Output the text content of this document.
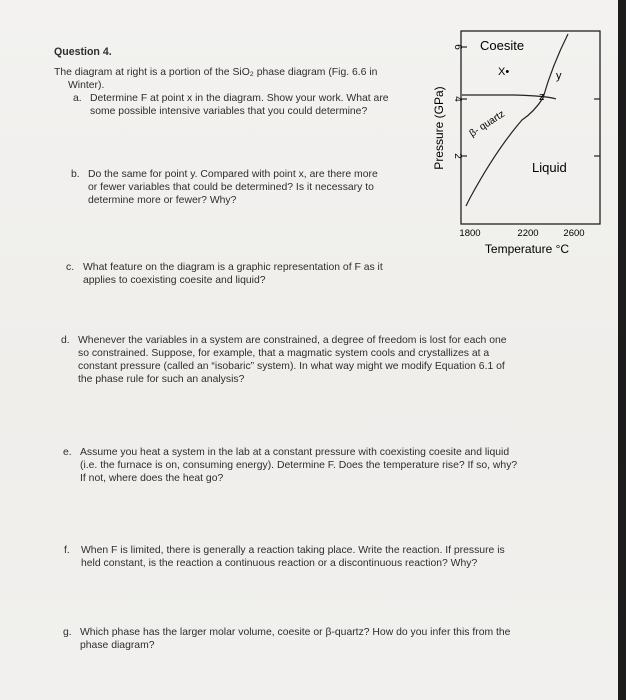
Question 4.
The diagram at right is a portion of the SiO₂ phase diagram (Fig. 6.6 in
Winter).
a. Determine F at point x in the diagram. Show your work. What are
some possible intensive variables that you could determine?
b. Do the same for point y. Compared with point x, are there more
or fewer variables that could be determined? Is it necessary to
determine more or fewer? Why?
c. What feature on the diagram is a graphic representation of F as it
applies to coexisting coesite and liquid?
d. Whenever the variables in a system are constrained, a degree of freedom is lost for each one
so constrained. Suppose, for example, that a magmatic system cools and crystallizes at a
constant pressure (called an “isobaric” system). In what way might we modify Equation 6.1 of
the phase rule for such an analysis?
e. Assume you heat a system in the lab at a constant pressure with coexisting coesite and liquid
(i.e. the furnace is on, consuming energy). Determine F. Does the temperature rise? If so, why?
If not, where does the heat go?
f. When F is limited, there is generally a reaction taking place. Write the reaction. If pressure is
held constant, is the reaction a continuous reaction or a discontinuous reaction? Why?
g. Which phase has the larger molar volume, coesite or β-quartz? How do you infer this from the
phase diagram?
6
4
2
Pressure (GPa)
1800	2200	2600
Temperature °C
Coesite
X•	y
z
β- quartz
Liquid
